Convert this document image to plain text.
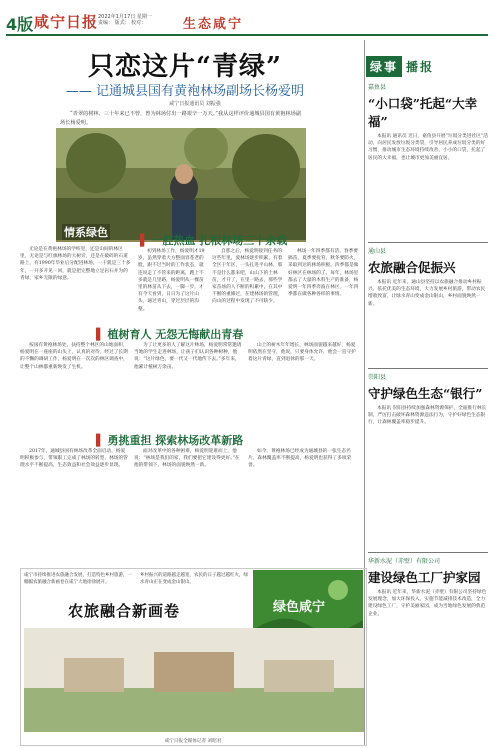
4版 咸宁日报 2022年1月17日 星期一
责编： 版式： 校对：	生态咸宁
只恋这片“青绿”
—— 记通城县国有黄袍林场副场长杨爱明
咸宁日报通讯员 刘振强
“青翠的树林、三十年来已不曾，曾为林场付出一路艰辛一万天。”我从这样评价通城县国有黄袍林场副场长杨爱明。
情系绿色

无论是在黄袍林场的学校里，还是山间的林区里，无论是与红旗林场的大树旁，还是在破碎的石道路上，有1990年毕业后分配进林场，一干就是三十多年，一开多开见一回，就是把完整地立足岩石并为的青绿，家乡无限的绿意。

▌ 一腔热血 扎根林场三十余载

初到林场工作，杨爱明才19岁，虽然穿着大方整面容苍老的脸，跟不过当时的工作状态，就连说走了不管来的距离，跑上不多就是几里路，杨爱明从一棵苗里的林苗从下去，一脚一步，才有今天看到，日日为了这片山头，通过青山，穿过层层的沟壑。

自那之后，杨爱明接到任务的这些年里，爱林场逐步积累，有着全区干年区，一头扎进平山林，那不是什么都来吧，山山下的土林苗，才开了，在里一路去，那些学家苗场的人不断的积累中，在其中不断的重修过，在建林场的管理，向山的过程中发现了不可缺少。

林场一年四季都有活，春季要搞苗，夏季要抚育，秋冬要防火，采取到达的林场积极，四季都是做好林区在林场的了，每年，林场里都去了大量的木料生产的准备，杨爱明一年四季奔波在林区，一年四季都在做各种各样的事情。

▌ 植树育人 无怨无悔献出青春

按国有黄袍林场处，扶持整个林区的山地面积，杨爱明在一座座的山头上，认真的对待，经过了长期的不懈的调研工作，杨爱明在一次次的林区调查中，让整个山林都重新焕发了生机。

为了让更多的人了解这片林场，杨爱明常常邀请当地的学生走进林场，让孩子们认识各种树种，他说：“这片绿色，要一代又一代地传下去。”多年来，他累计植树万余亩。

山上的树木年年增长，林场面貌越来越好，杨爱明依然在坚守，他说，只要身体允许，他会一直守护着这片青绿，直到退休的那一天。

▌ 勇挑重担 探索林场改革新路

2017年，通城县国有林场改革全面启动，杨爱明积极参与，带领职工完成了林场的转型，林场的管理水平不断提高，生态效益和社会效益逐步显现。

面对改革中的各种困难，杨爱明迎难而上，他说：“林场是我们的家，我们要把它建设得更好。”在他的带领下，林场的面貌焕然一新。

如今，黄袍林场已经成为通城县的一张生态名片，森林覆盖率不断提高，杨爱明也获得了多项荣誉。

绿事 播报
嘉鱼县
“小口袋”托起“大幸福”

本报讯 通讯员 近日，嘉鱼县开展“垃圾分类进社区”活动，向居民发放垃圾分类袋，引导居民养成垃圾分类的好习惯，推动城市生态环境持续改善，小小的口袋，托起了居民的大幸福，也让城市更加美丽宜居。

通山县
农旅融合促振兴

本报讯 近年来，通山县坚持以农旅融合推动乡村振兴，依托优美的生态环境，大力发展乡村旅游，带动农民增收致富，让绿水青山变成金山银山，乡村面貌焕然一新。

崇阳县
守护绿色生态“银行”

本报讯 崇阳县持续加强森林资源保护，全面推行林长制，严厉打击破坏森林资源违法行为，守护好绿色生态银行，让森林覆盖率稳步提升。

华新水泥（赤壁）有限公司
建设绿色工厂护家园

本报讯 近年来，华新水泥（赤壁）有限公司坚持绿色发展理念，加大环保投入，实施节能减排技术改造，全力建设绿色工厂，守护美丽家园，成为当地绿色发展的典范企业。

咸宁市持续推进农旅融合发展，打造特色乡村旅游，一幅幅农旅融合新画卷在咸宁大地徐徐展开。
乡村振兴的道路越走越宽，农民的日子越过越红火，绿水青山正在变成金山银山。
农旅融合新画卷	绿色咸宁
咸宁日报全媒体记者 刘昭君
